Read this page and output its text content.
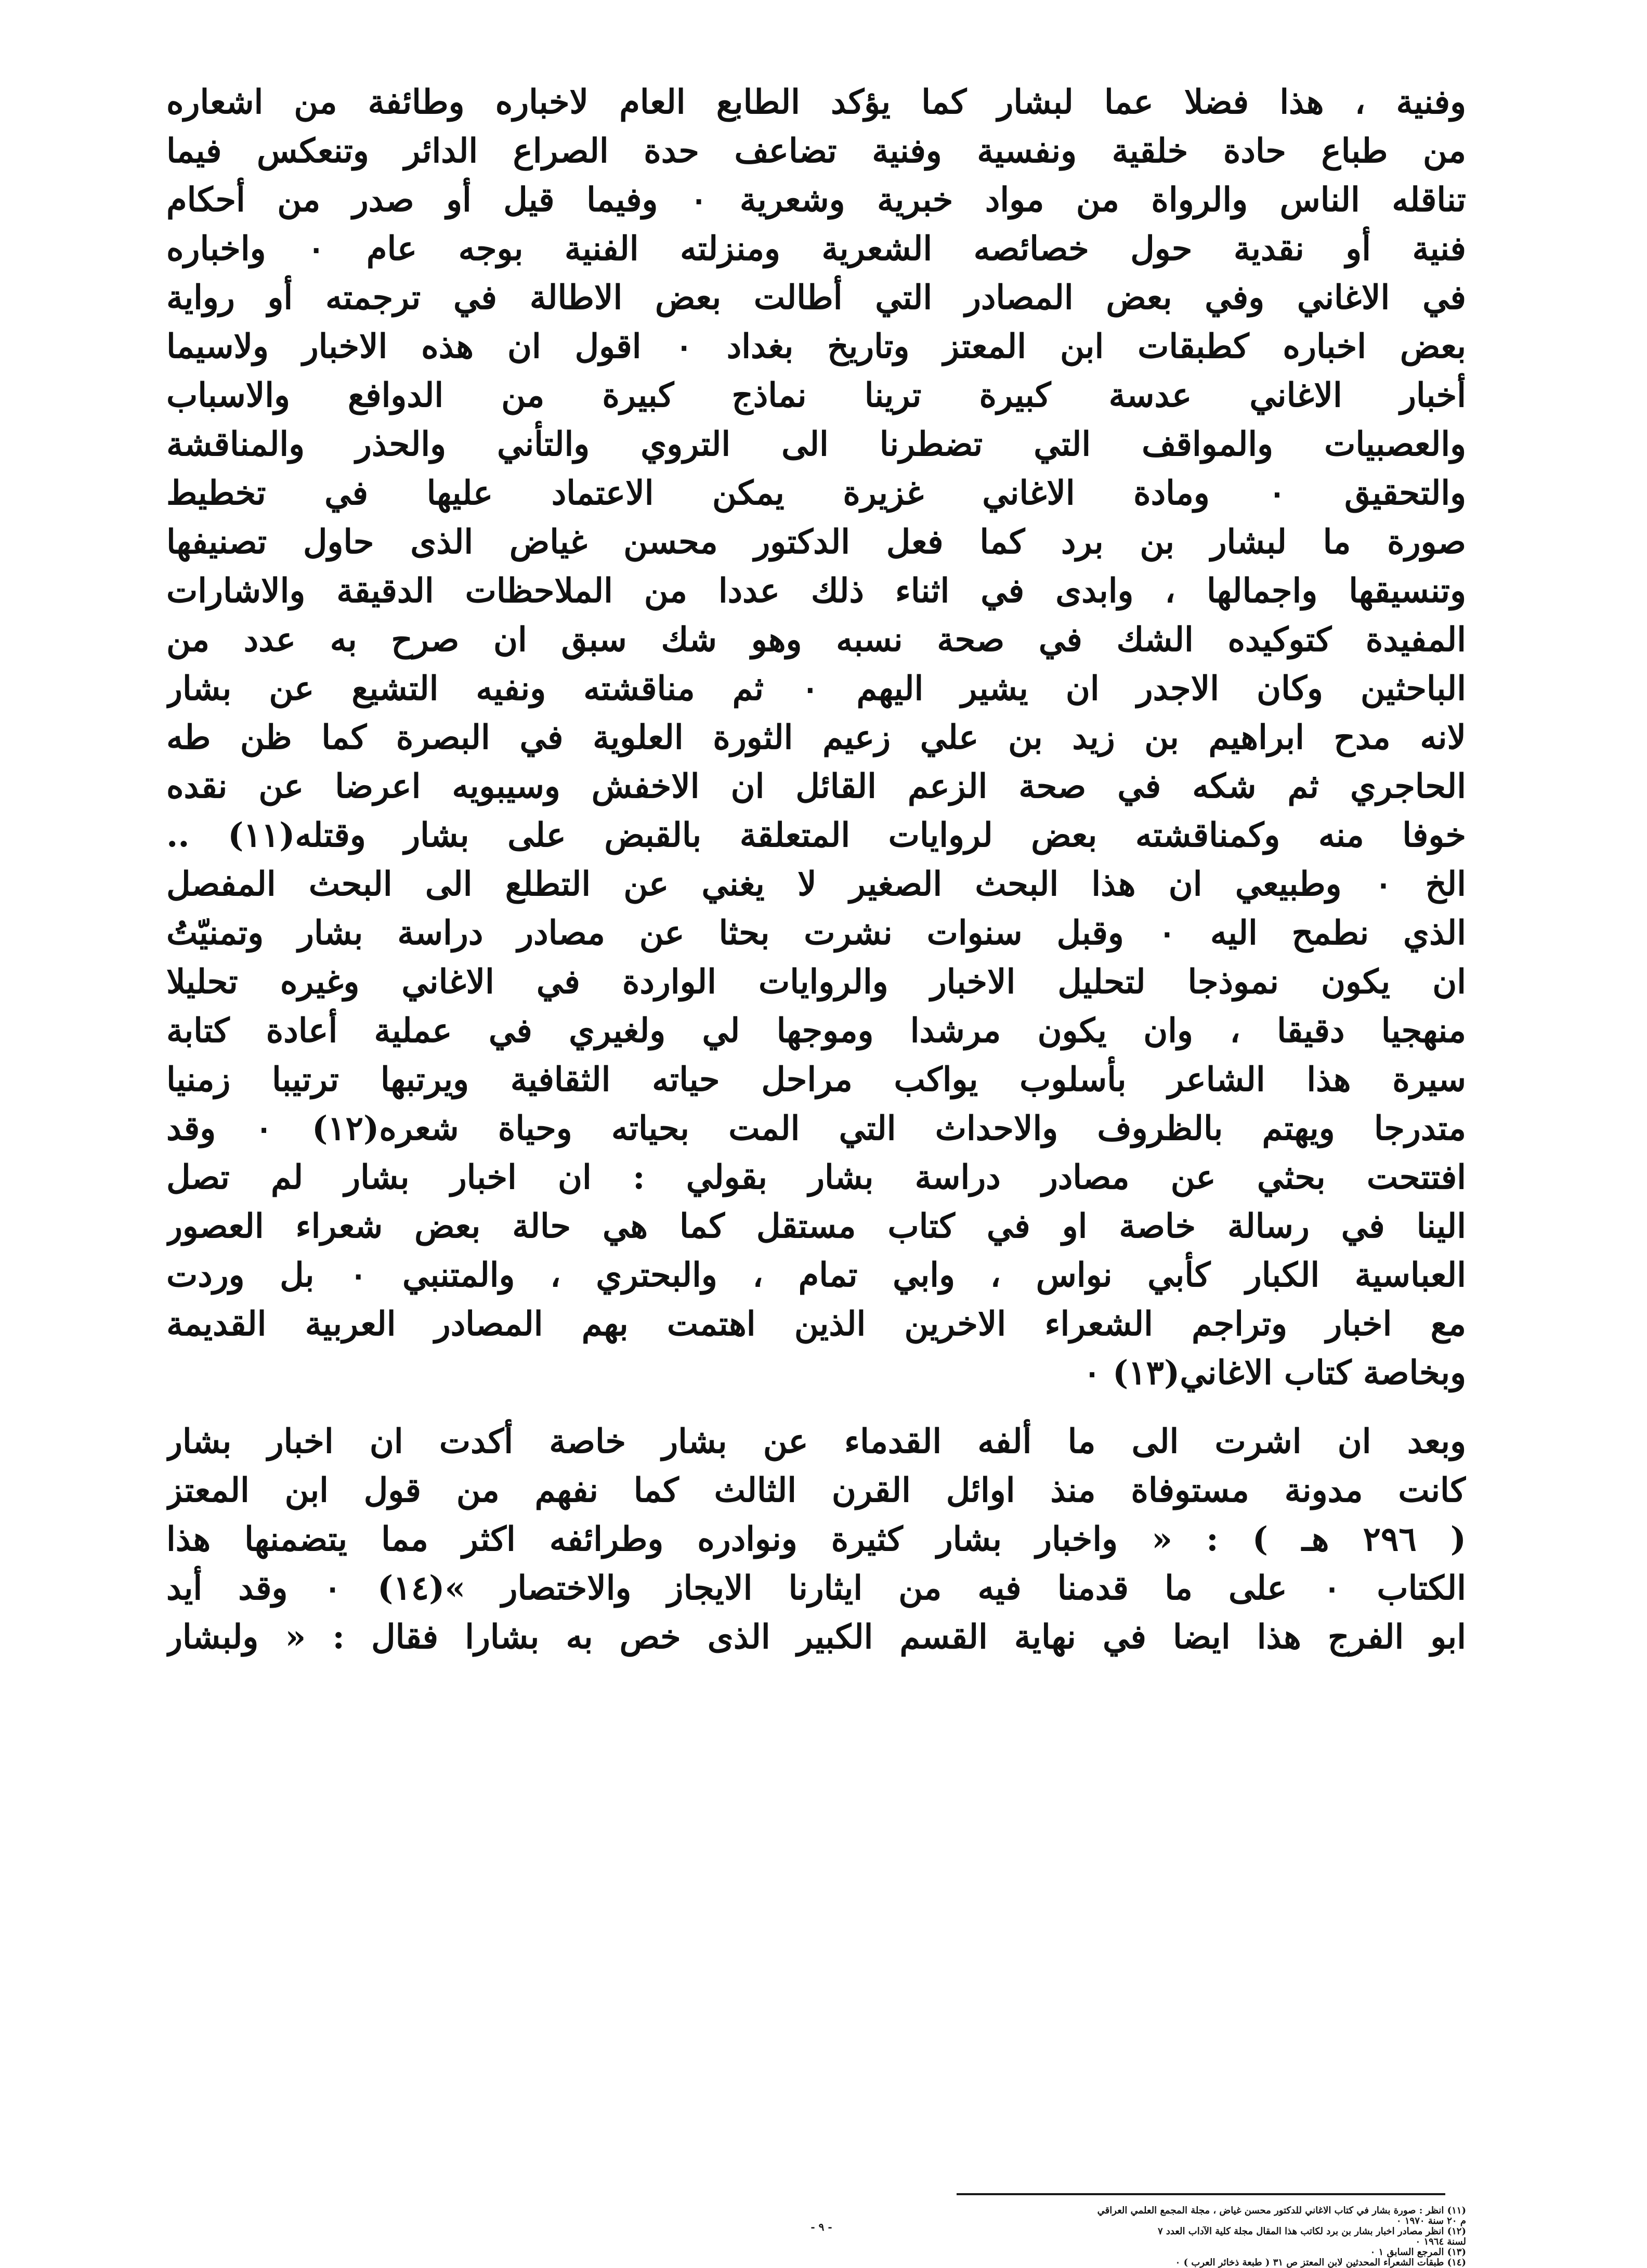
وفنية ، هذا فضلا عما لبشار كما يؤكد الطابع العام لاخباره وطائفة من اشعاره
من طباع حادة خلقية ونفسية وفنية تضاعف حدة الصراع الدائر وتنعكس فيما
تناقله الناس والرواة من مواد خبرية وشعرية ٠ وفيما قيل أو صدر من أحكام
فنية أو نقدية حول خصائصه الشعرية ومنزلته الفنية بوجه عام ٠ واخباره
في الاغاني وفي بعض المصادر التي أطالت بعض الاطالة في ترجمته أو رواية
بعض اخباره كطبقات ابن المعتز وتاريخ بغداد ٠ اقول ان هذه الاخبار ولاسيما
أخبار الاغاني عدسة كبيرة ترينا نماذج كبيرة من الدوافع والاسباب
والعصبيات والمواقف التي تضطرنا الى التروي والتأني والحذر والمناقشة
والتحقيق ٠ ومادة الاغاني غزيرة يمكن الاعتماد عليها في تخطيط
صورة ما لبشار بن برد كما فعل الدكتور محسن غياض الذى حاول تصنيفها
وتنسيقها واجمالها ، وابدى في اثناء ذلك عددا من الملاحظات الدقيقة والاشارات
المفيدة كتوكيده الشك في صحة نسبه وهو شك سبق ان صرح به عدد من
الباحثين وكان الاجدر ان يشير اليهم ٠ ثم مناقشته ونفيه التشيع عن بشار
لانه مدح ابراهيم بن زيد بن علي زعيم الثورة العلوية في البصرة كما ظن طه
الحاجري ثم شكه في صحة الزعم القائل ان الاخفش وسيبويه اعرضا عن نقده
خوفا منه وكمناقشته بعض لروايات المتعلقة بالقبض على بشار وقتله(١١) ..
الخ ٠ وطبيعي ان هذا البحث الصغير لا يغني عن التطلع الى البحث المفصل
الذي نطمح اليه ٠ وقبل سنوات نشرت بحثا عن مصادر دراسة بشار وتمنيّتُ
ان يكون نموذجا لتحليل الاخبار والروايات الواردة في الاغاني وغيره تحليلا
منهجيا دقيقا ، وان يكون مرشدا وموجها لي ولغيري في عملية أعادة كتابة
سيرة هذا الشاعر بأسلوب يواكب مراحل حياته الثقافية ويرتبها ترتيبا زمنيا
متدرجا ويهتم بالظروف والاحداث التي المت بحياته وحياة شعره(١٢) ٠ وقد
افتتحت بحثي عن مصادر دراسة بشار بقولي : ان اخبار بشار لم تصل
الينا في رسالة خاصة او في كتاب مستقل كما هي حالة بعض شعراء العصور
العباسية الكبار كأبي نواس ، وابي تمام ، والبحتري ، والمتنبي ٠ بل وردت
مع اخبار وتراجم الشعراء الاخرين الذين اهتمت بهم المصادر العربية القديمة
وبخاصة كتاب الاغاني(١٣) ٠
وبعد ان اشرت الى ما ألفه القدماء عن بشار خاصة أكدت ان اخبار بشار
كانت مدونة مستوفاة منذ اوائل القرن الثالث كما نفهم من قول ابن المعتز
( ٢٩٦ هـ ) : « واخبار بشار كثيرة ونوادره وطرائفه اكثر مما يتضمنها هذا
الكتاب ٠ على ما قدمنا فيه من ايثارنا الايجاز والاختصار »(١٤) ٠ وقد أيد
ابو الفرج هذا ايضا في نهاية القسم الكبير الذى خص به بشارا فقال : « ولبشار
(١١) انظر : صورة بشار في كتاب الاغاني للدكتور محسن غياض ، مجلة المجمع العلمي العراقي
م ٢٠ سنة ١٩٧٠ ٠
(١٢) انظر مصادر اخبار بشار بن برد لكاتب هذا المقال مجلة كلية الآداب العدد ٧
لسنة ١٩٦٤ ٠
(١٣) المرجع السابق ١ ٠
(١٤) طبقات الشعراء المحدثين لابن المعتز ص ٣١ ( طبعة ذخائر العرب ) ٠
- ٩ -
